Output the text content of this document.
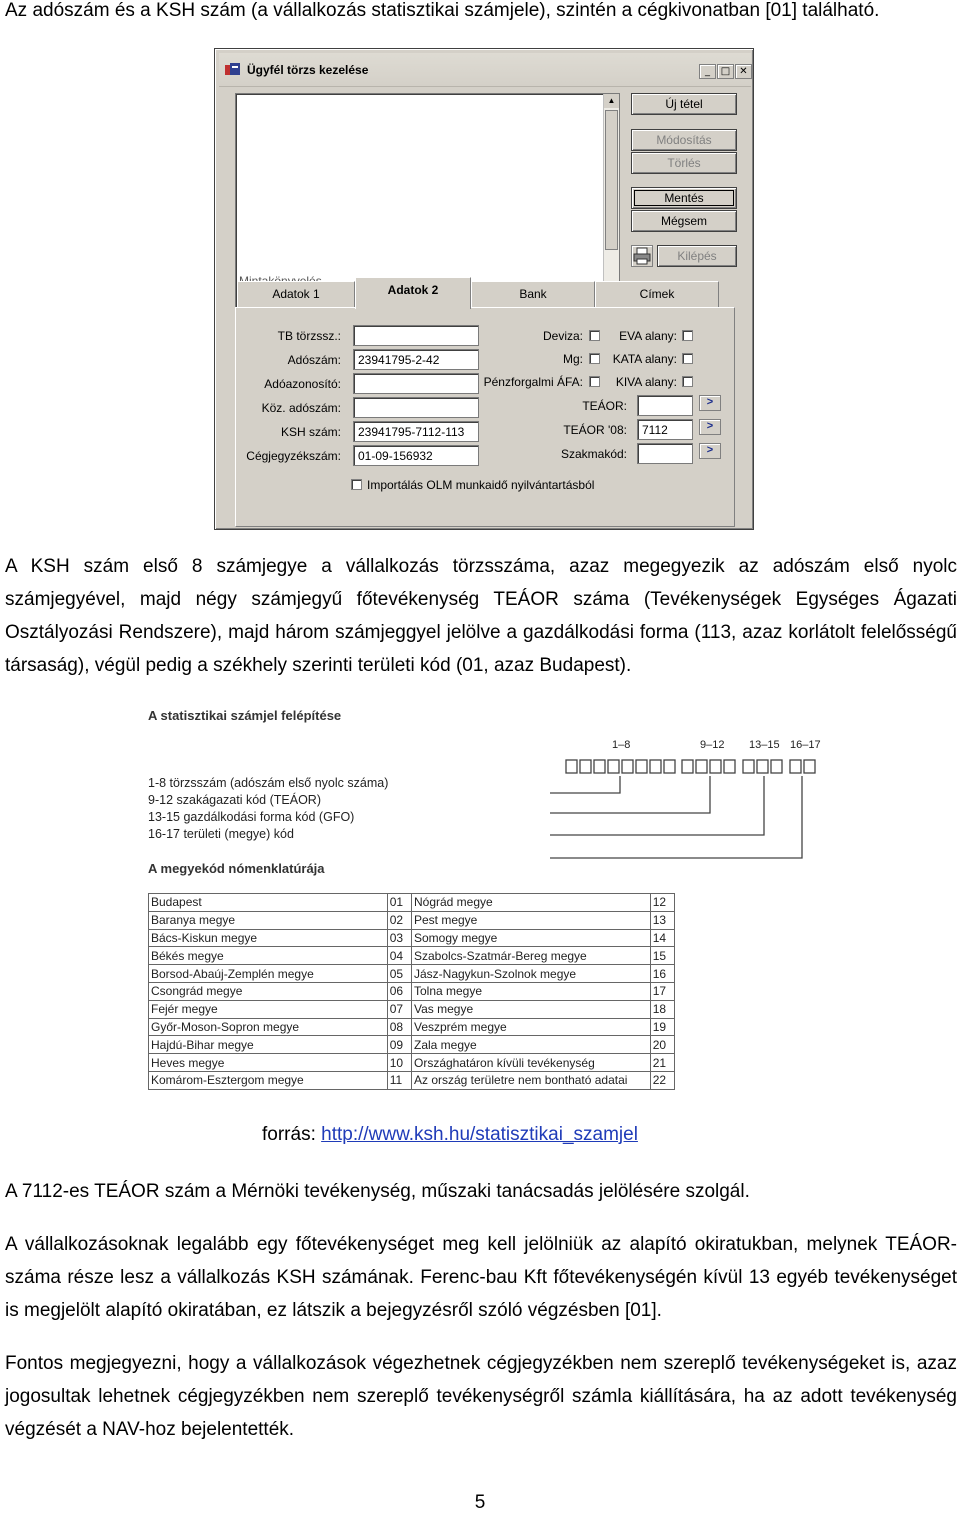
Az adószám és a KSH szám (a vállalkozás statisztikai számjele), szintén a cégkivonatban [01] található.
Ügyfél törzs kezelése	_	□ ✕
▲	Új tétel
Módosítás
Törlés
Mentés
Mégsem
Kilépés
Adatok 1	Adatok 2	Bank	Címek
TB törzssz.:
Adószám:	23941795-2-42
Adóazonosító:
Köz. adószám:
KSH szám:	23941795-7112-113
Cégjegyzékszám:	01-09-156932
Deviza:
Mg:
Pénzforgalmi ÁFA:
EVA alany:
KATA alany:
KIVA alany:
TEÁOR:	>
TEÁOR '08:	7112	>
Szakmakód:	>
Importálás OLM munkaidő nyilvántartásból
A KSH szám első 8 számjegye a vállalkozás törzsszáma, azaz megegyezik az adószám első nyolc számjegyével, majd négy számjegyű főtevékenység TEÁOR száma (Tevékenységek Egységes Ágazati Osztályozási Rendszere), majd három számjeggyel jelölve a gazdálkodási forma (113, azaz korlátolt felelősségű társaság), végül pedig a székhely szerinti területi kód (01, azaz Budapest).
A statisztikai számjel felépítése
1–8	9–12 13–15 16–17
1-8 törzsszám (adószám első nyolc száma)
9-12 szakágazati kód (TEÁOR)
13-15 gazdálkodási forma kód (GFO)
16-17 területi (megye) kód
A megyekód nómenklatúrája
Budapest	01	Nógrád megye	12
Baranya megye	02	Pest megye	13
Bács-Kiskun megye	03	Somogy megye	14
Békés megye	04	Szabolcs-Szatmár-Bereg megye	15
Borsod-Abaúj-Zemplén megye	05	Jász-Nagykun-Szolnok megye	16
Csongrád megye	06	Tolna megye	17
Fejér megye	07	Vas megye	18
Győr-Moson-Sopron megye	08	Veszprém megye	19
Hajdú-Bihar megye	09	Zala megye	20
Heves megye	10	Országhatáron kívüli tevékenység	21
Komárom-Esztergom megye	11	Az ország területre nem bontható adatai	22
forrás: http://www.ksh.hu/statisztikai_szamjel
A 7112-es TEÁOR szám a Mérnöki tevékenység, műszaki tanácsadás jelölésére szolgál.
A vállalkozásoknak legalább egy főtevékenységet meg kell jelölniük az alapító okiratukban, melynek TEÁOR-száma része lesz a vállalkozás KSH számának. Ferenc-bau Kft főtevékenységén kívül 13 egyéb tevékenységet is megjelölt alapító okiratában, ez látszik a bejegyzésről szóló végzésben [01].
Fontos megjegyezni, hogy a vállalkozások végezhetnek cégjegyzékben nem szereplő tevékenységeket is, azaz jogosultak lehetnek cégjegyzékben nem szereplő tevékenységről számla kiállítására, ha az adott tevékenység végzését a NAV-hoz bejelentették.
5
